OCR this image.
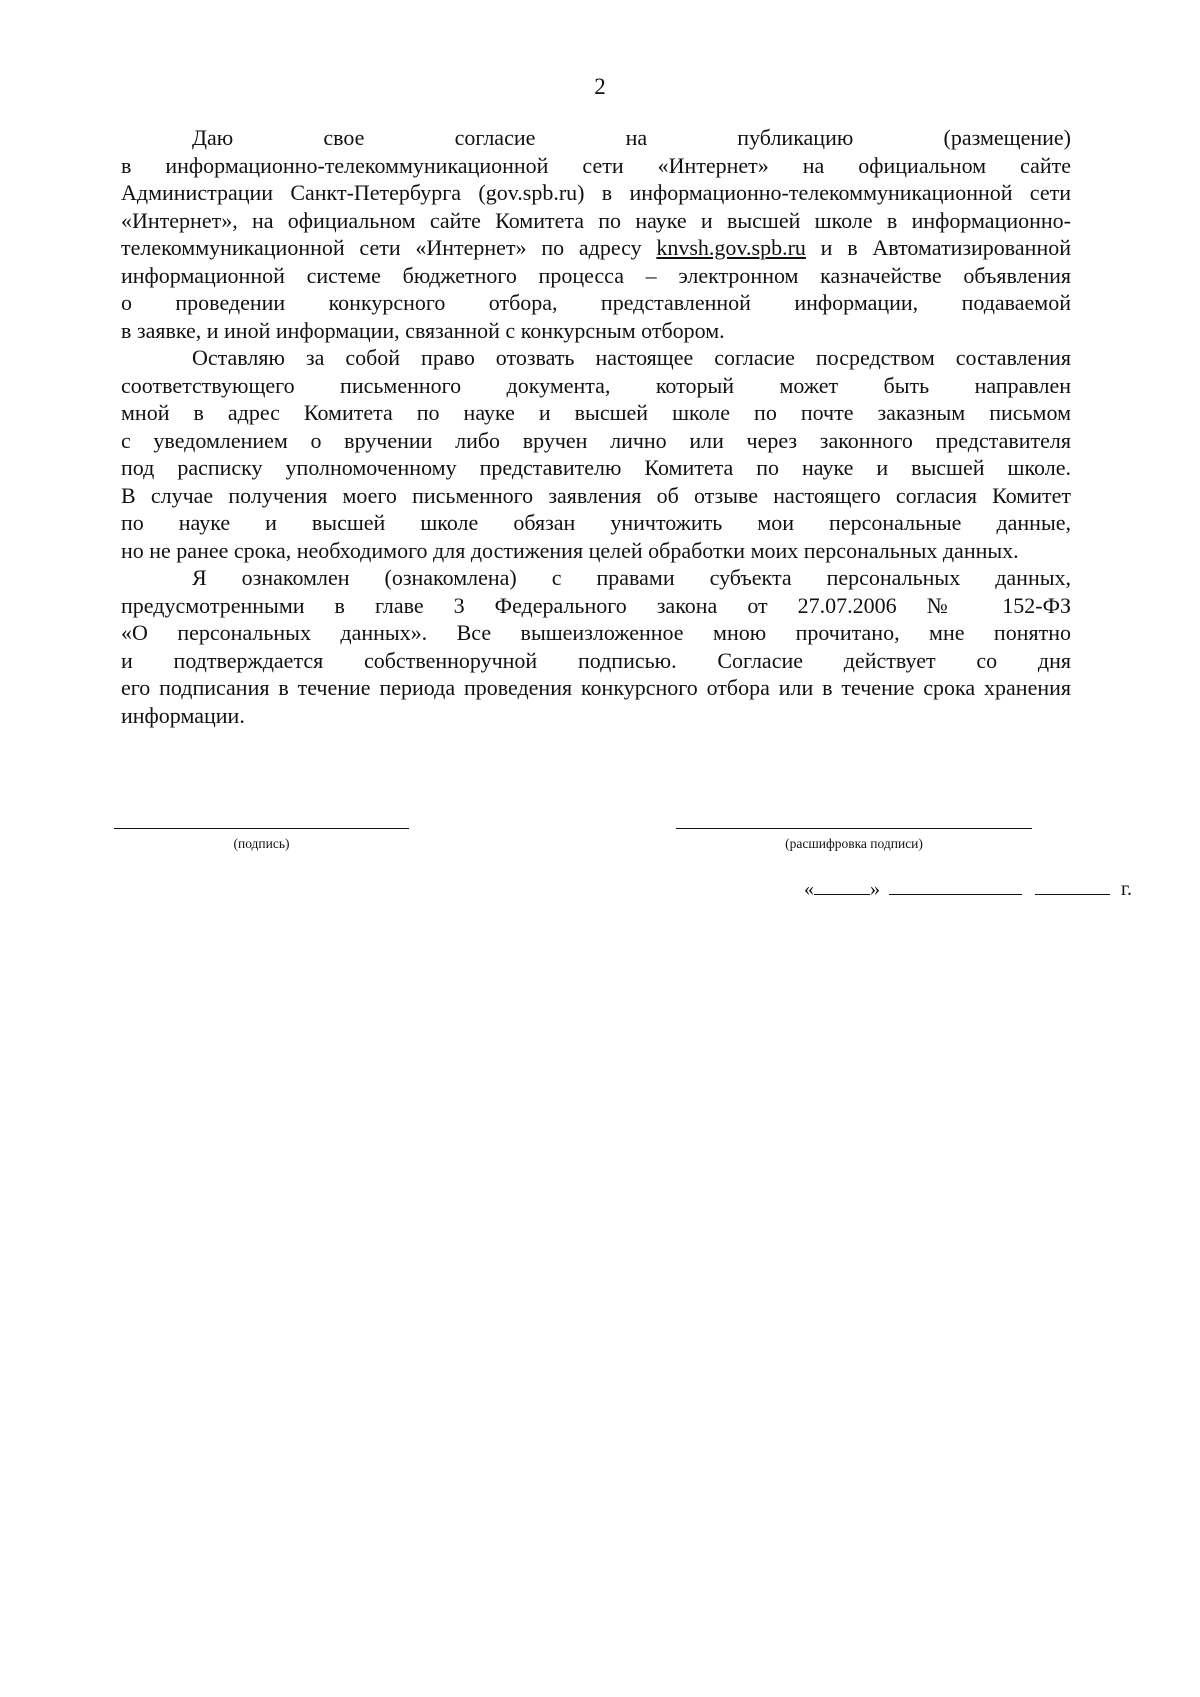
2
Даю свое согласие на публикацию (размещение)
в информационно-телекоммуникационной сети «Интернет» на официальном сайте
Администрации Санкт-Петербурга (gov.spb.ru) в информационно-телекоммуникационной сети
«Интернет», на официальном сайте Комитета по науке и высшей школе в информационно-
телекоммуникационной сети «Интернет» по адресу knvsh.gov.spb.ru и в Автоматизированной
информационной системе бюджетного процесса – электронном казначействе объявления
о проведении конкурсного отбора, представленной информации, подаваемой
в заявке, и иной информации, связанной с конкурсным отбором.
Оставляю за собой право отозвать настоящее согласие посредством составления
соответствующего письменного документа, который может быть направлен
мной в адрес Комитета по науке и высшей школе по почте заказным письмом
с уведомлением о вручении либо вручен лично или через законного представителя
под расписку уполномоченному представителю Комитета по науке и высшей школе.
В случае получения моего письменного заявления об отзыве настоящего согласия Комитет
по науке и высшей школе обязан уничтожить мои персональные данные,
но не ранее срока, необходимого для достижения целей обработки моих персональных данных.
Я ознакомлен (ознакомлена) с правами субъекта персональных данных,
предусмотренными в главе 3 Федерального закона от 27.07.2006 № 152-ФЗ
«О персональных данных». Все вышеизложенное мною прочитано, мне понятно
и подтверждается собственноручной подписью. Согласие действует со дня
его подписания в течение периода проведения конкурсного отбора или в течение срока хранения
информации.
(подпись)	(расшифровка подписи)
«	»	г.
